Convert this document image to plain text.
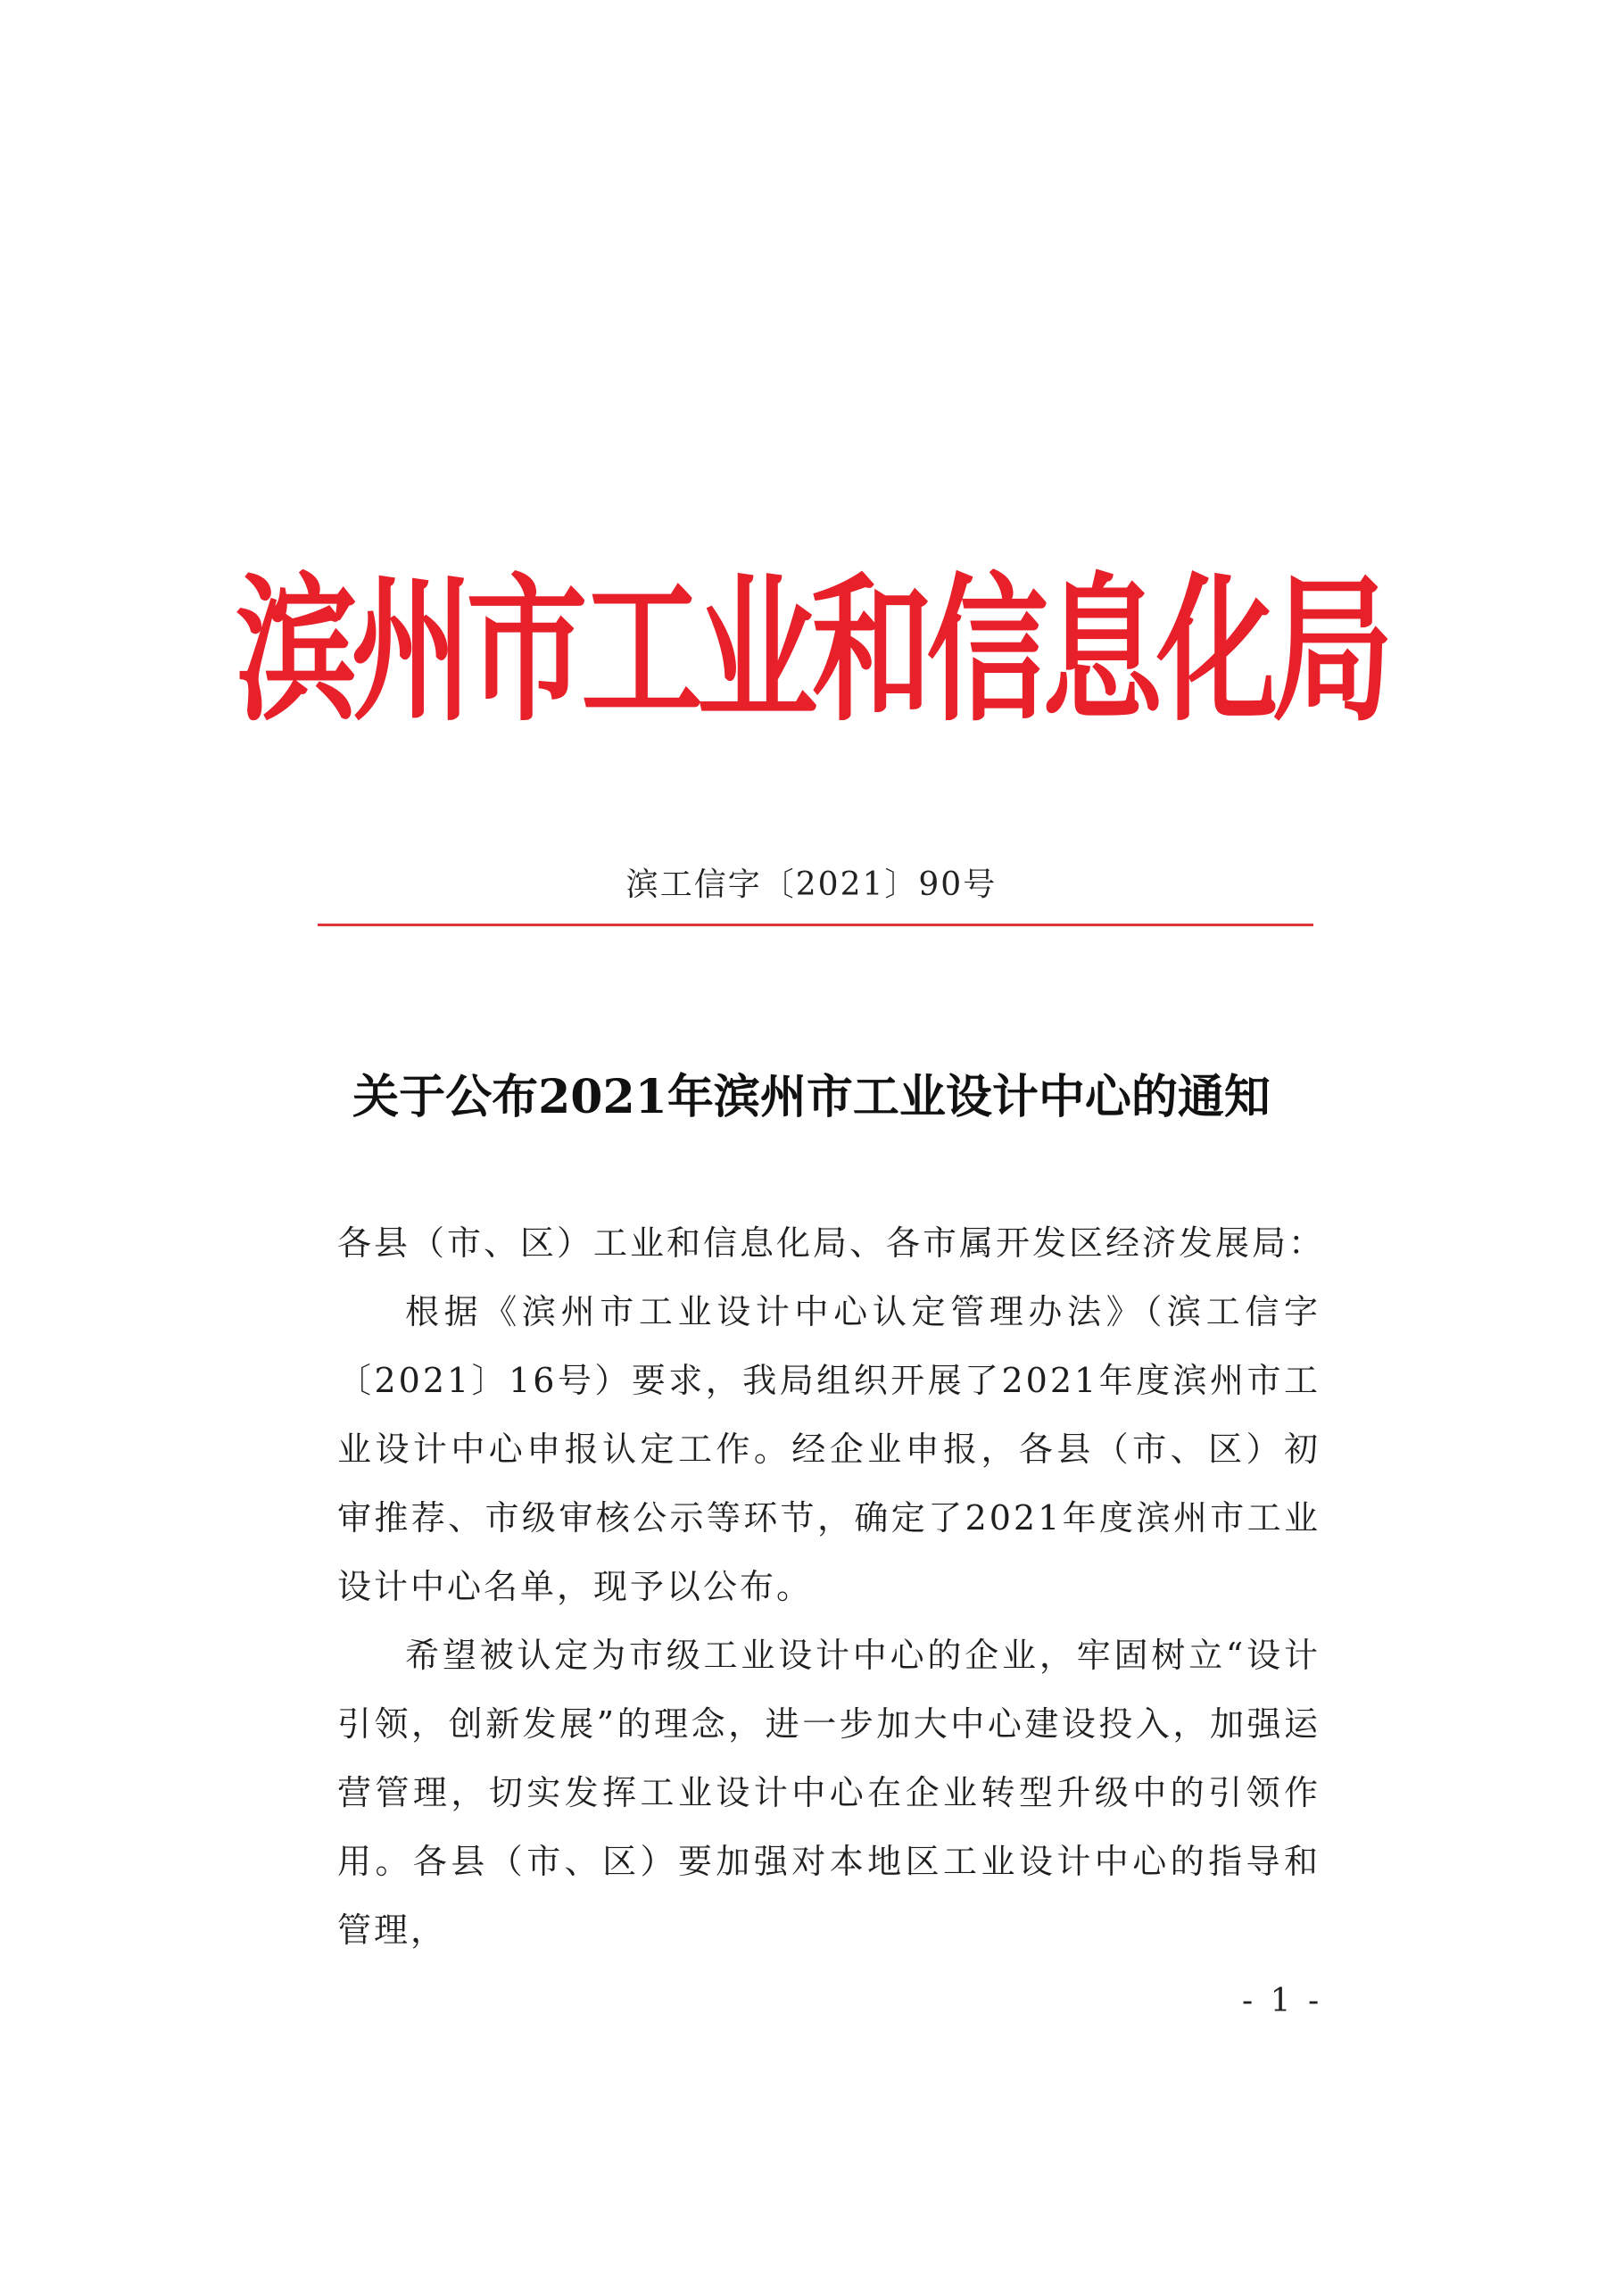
滨州市工业和信息化局
滨工信字〔2021〕90号
关于公布2021年滨州市工业设计中心的通知

各县（市、区）工业和信息化局、各市属开发区经济发展局：

根据《滨州市工业设计中心认定管理办法》（滨工信字〔2021〕16号）要求，我局组织开展了2021年度滨州市工业设计中心申报认定工作。经企业申报，各县（市、区）初审推荐、市级审核公示等环节，确定了2021年度滨州市工业设计中心名单，现予以公布。

希望被认定为市级工业设计中心的企业，牢固树立“设计引领，创新发展”的理念，进一步加大中心建设投入，加强运营管理，切实发挥工业设计中心在企业转型升级中的引领作用。各县（市、区）要加强对本地区工业设计中心的指导和管理，

- 1 -
